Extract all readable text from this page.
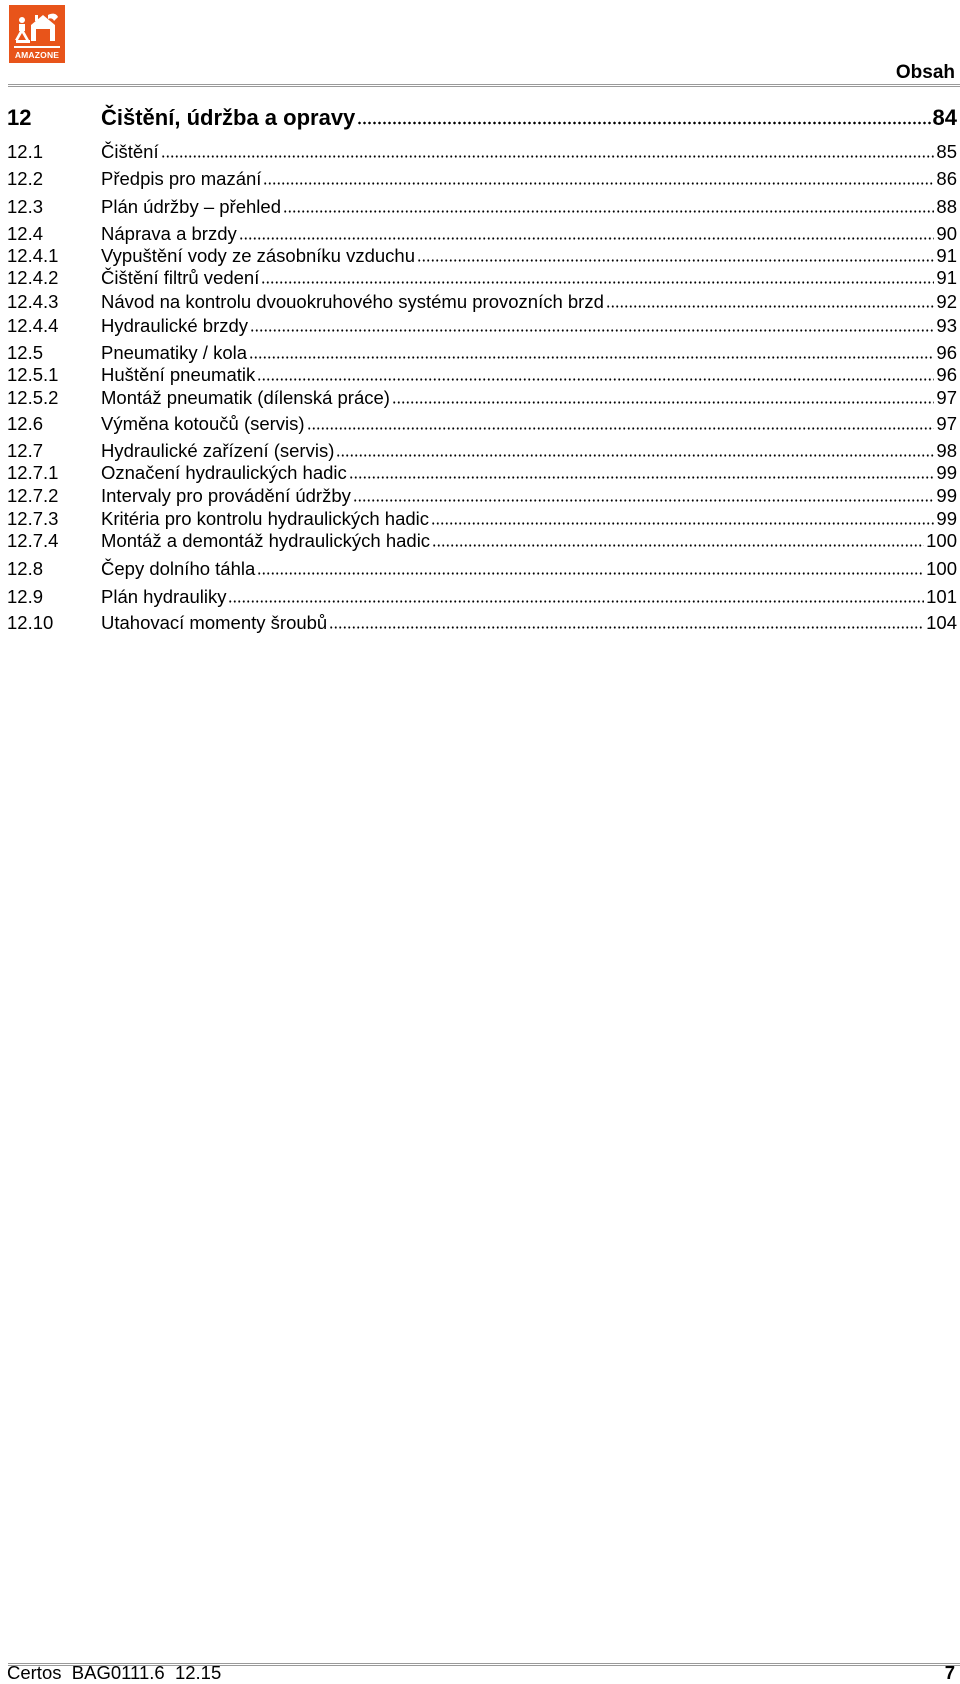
AMAZONE
Obsah
12	Čištění, údržba a opravy	84
12.1	Čištění	85
12.2	Předpis pro mazání	86
12.3	Plán údržby – přehled	88
12.4	Náprava a brzdy	90
12.4.1	Vypuštění vody ze zásobníku vzduchu	91
12.4.2	Čištění filtrů vedení	91
12.4.3	Návod na kontrolu dvouokruhového systému provozních brzd	92
12.4.4	Hydraulické brzdy	93
12.5	Pneumatiky / kola	96
12.5.1	Huštění pneumatik	96
12.5.2	Montáž pneumatik (dílenská práce)	97
12.6	Výměna kotoučů (servis)	97
12.7	Hydraulické zařízení (servis)	98
12.7.1	Označení hydraulických hadic	99
12.7.2	Intervaly pro provádění údržby	99
12.7.3	Kritéria pro kontrolu hydraulických hadic	99
12.7.4	Montáž a demontáž hydraulických hadic	100
12.8	Čepy dolního táhla	100
12.9	Plán hydrauliky	101
12.10	Utahovací momenty šroubů	104
Certos  BAG0111.6  12.15	7
